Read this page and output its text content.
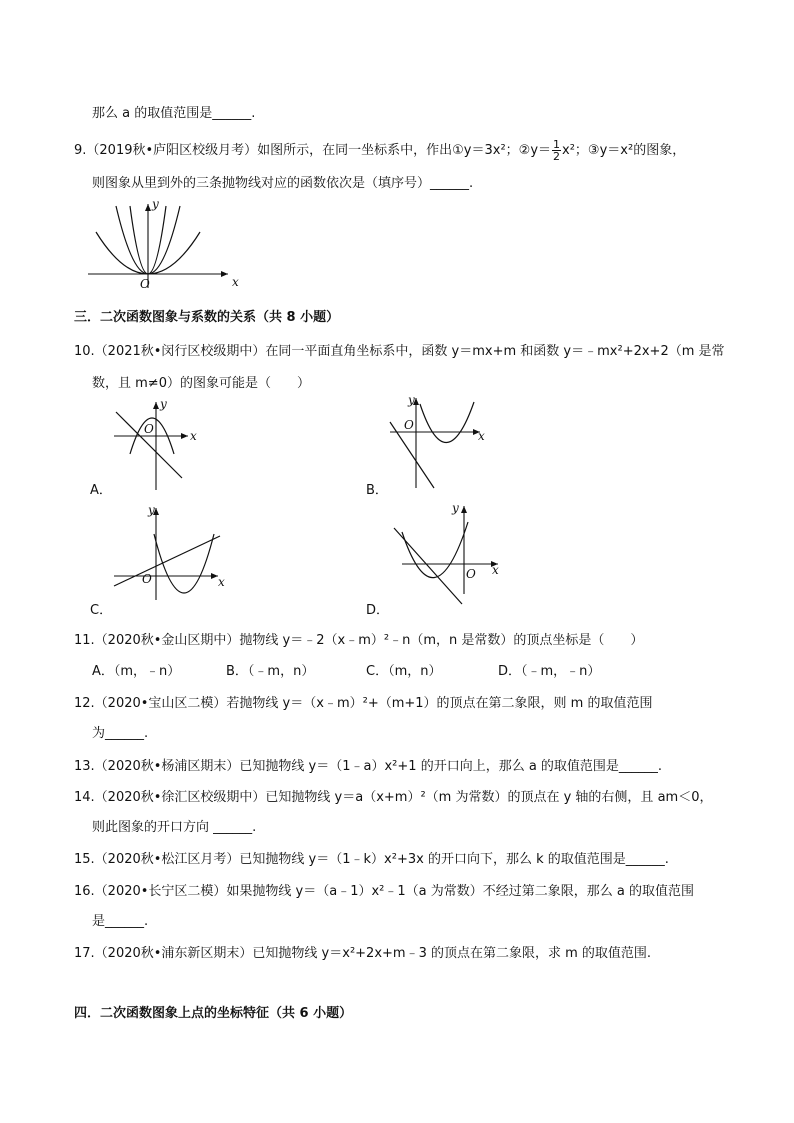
那么 a 的取值范围是______.
9.（2019秋•庐阳区校级月考）如图所示，在同一坐标系中，作出①y＝3x²；②y＝ $\frac{1}{2} x^2$；③y＝x²的图象，
则图象从里到外的三条抛物线对应的函数依次是（填序号）______.
y
x
O
三．二次函数图象与系数的关系（共 8 小题）
10.（2021秋•闵行区校级期中）在同一平面直角坐标系中，函数 y＝mx+m 和函数 y＝﹣mx²+2x+2（m 是常
数，且 m≠0）的图象可能是（　　）
y
x
O
A．
y
x
O
B．
y
x
O
C．
y
x
O
D．
11.（2020秋•金山区期中）抛物线 y＝﹣2（x﹣m）²﹣n（m，n 是常数）的顶点坐标是（　　）
A．（m，﹣n）	B．（﹣m，n）	C．（m，n）	D．（﹣m，﹣n）
12.（2020•宝山区二模）若抛物线 y＝（x﹣m）²+（m+1）的顶点在第二象限，则 m 的取值范围
为______.
13.（2020秋•杨浦区期末）已知抛物线 y＝（1﹣a）x²+1 的开口向上，那么 a 的取值范围是______.
14.（2020秋•徐汇区校级期中）已知抛物线 y＝a（x+m）²（m 为常数）的顶点在 y 轴的右侧，且 am＜0，
则此图象的开口方向 ______.
15.（2020秋•松江区月考）已知抛物线 y＝（1﹣k）x²+3x 的开口向下，那么 k 的取值范围是______.
16.（2020•长宁区二模）如果抛物线 y＝（a﹣1）x²﹣1（a 为常数）不经过第二象限，那么 a 的取值范围
是______.
17.（2020秋•浦东新区期末）已知抛物线 y＝x²+2x+m﹣3 的顶点在第二象限，求 m 的取值范围.
四．二次函数图象上点的坐标特征（共 6 小题）
